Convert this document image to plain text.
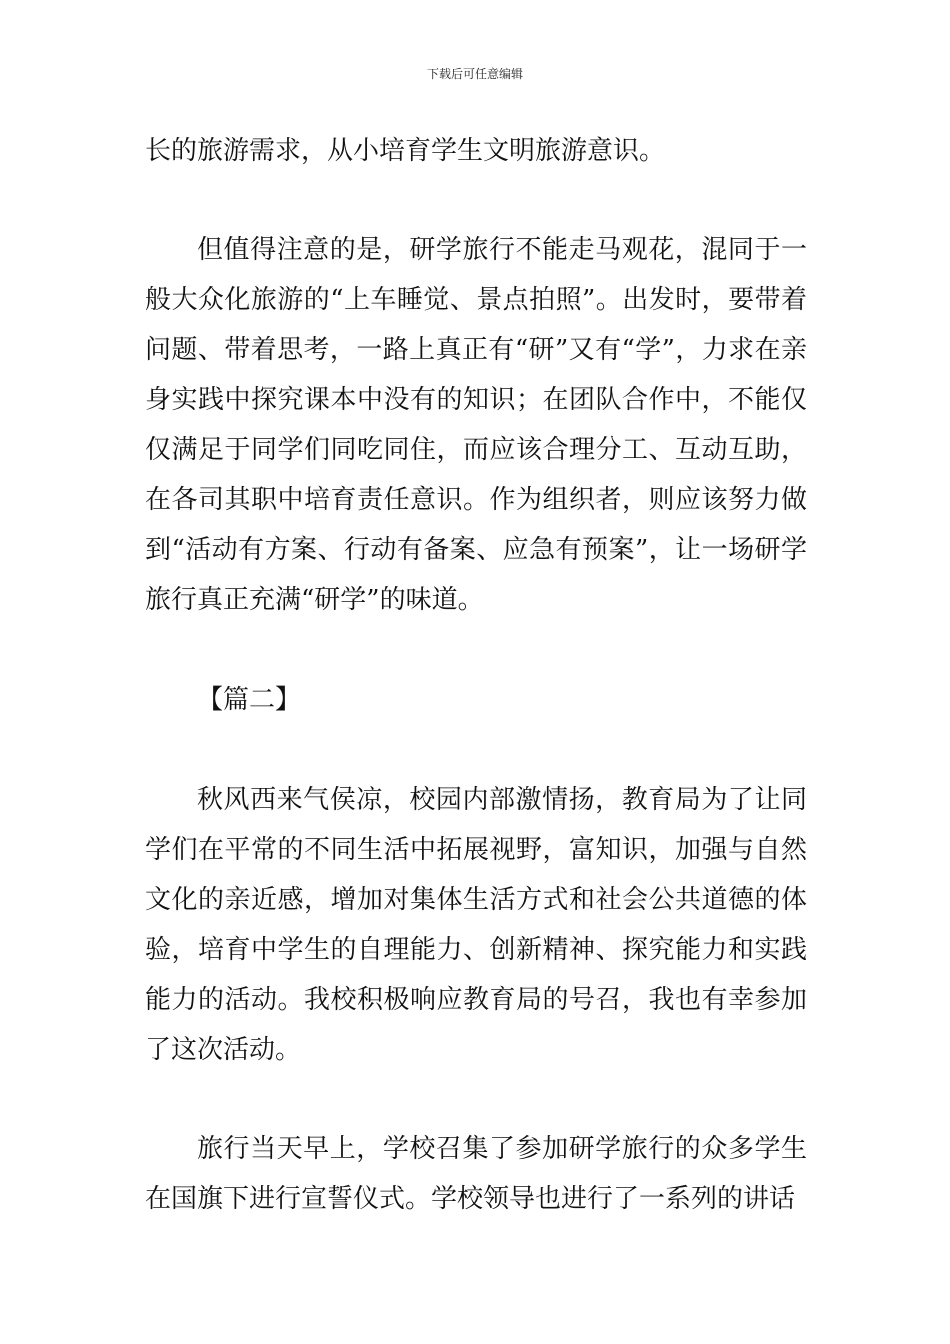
下载后可任意编辑

长的旅游需求，从小培育学生文明旅游意识。

但值得注意的是，研学旅行不能走马观花，混同于一般大众化旅游的“上车睡觉、景点拍照”。出发时，要带着问题、带着思考，一路上真正有“研”又有“学”，力求在亲身实践中探究课本中没有的知识；在团队合作中，不能仅仅满足于同学们同吃同住，而应该合理分工、互动互助，在各司其职中培育责任意识。作为组织者，则应该努力做到“活动有方案、行动有备案、应急有预案”，让一场研学旅行真正充满“研学”的味道。

【篇二】

秋风西来气侯凉，校园内部激情扬，教育局为了让同学们在平常的不同生活中拓展视野，富知识，加强与自然文化的亲近感，增加对集体生活方式和社会公共道德的体验，培育中学生的自理能力、创新精神、探究能力和实践能力的活动。我校积极响应教育局的号召，我也有幸参加了这次活动。

旅行当天早上，学校召集了参加研学旅行的众多学生在国旗下进行宣誓仪式。学校领导也进行了一系列的讲话
